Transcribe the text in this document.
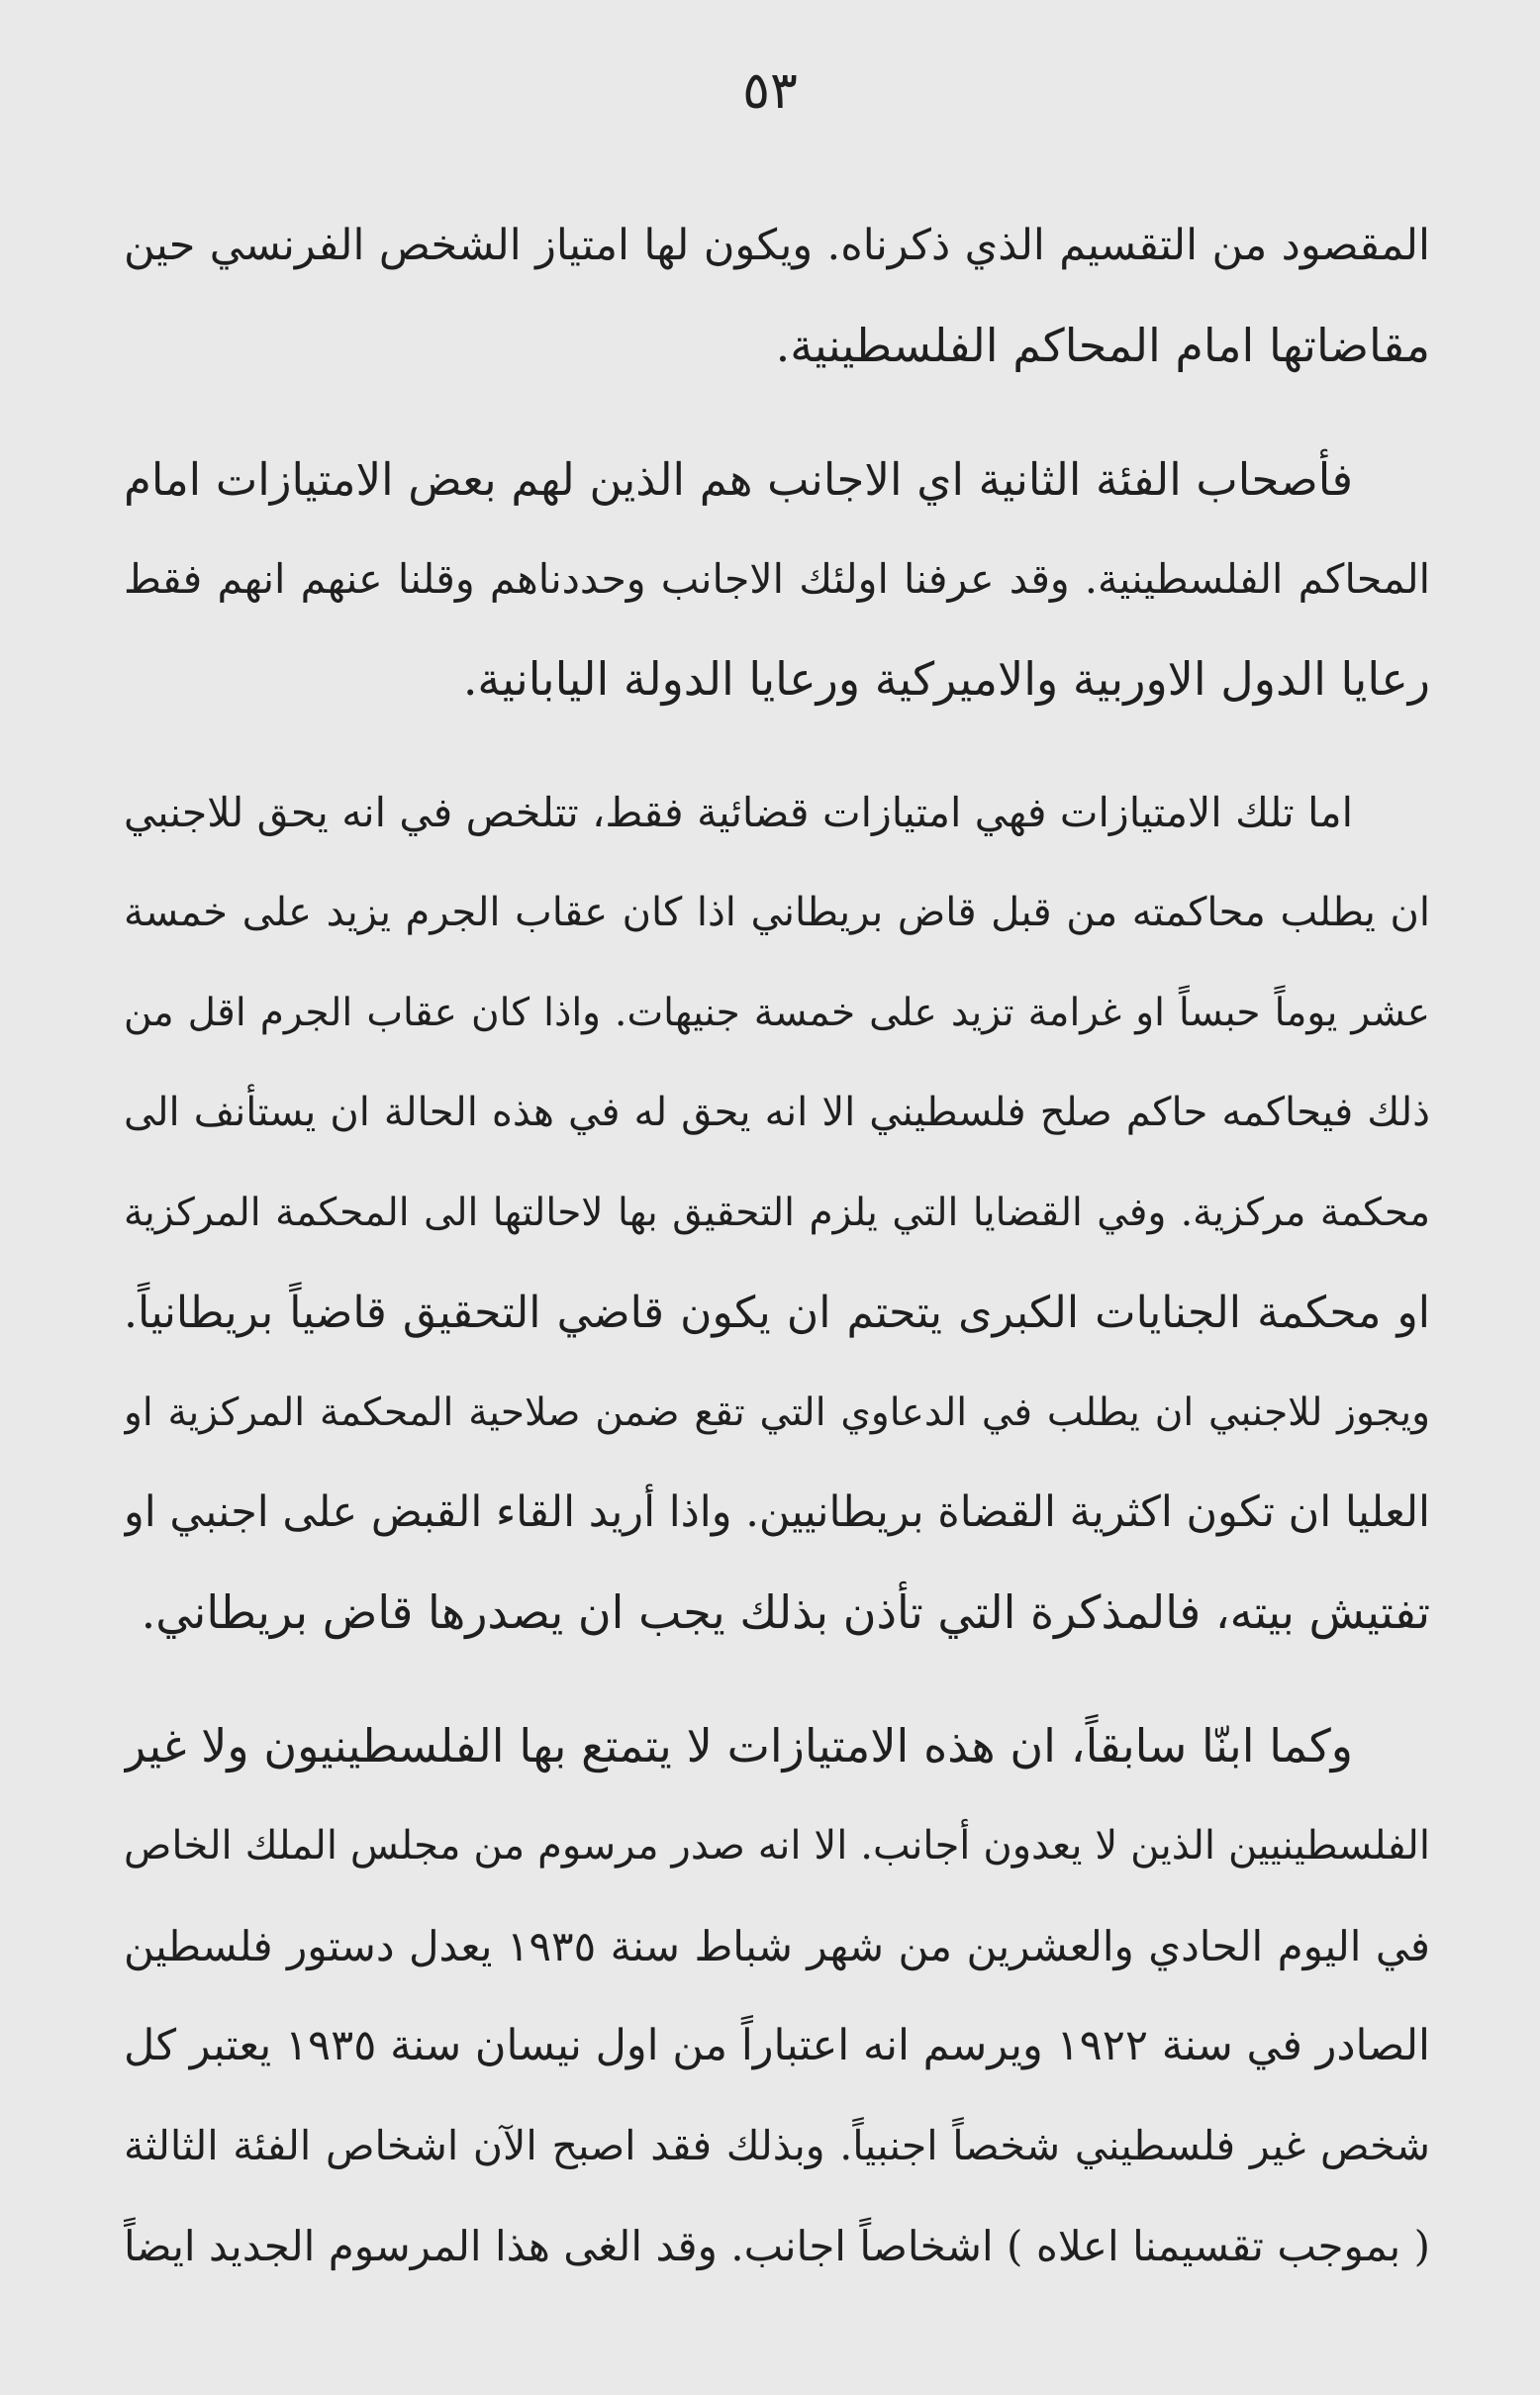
٥٣
المقصود من التقسيم الذي ذكرناه. ويكون لها امتياز الشخص الفرنسي حين
مقاضاتها امام المحاكم الفلسطينية.
فأصحاب الفئة الثانية اي الاجانب هم الذين لهم بعض الامتيازات امام
المحاكم الفلسطينية. وقد عرفنا اولئك الاجانب وحددناهم وقلنا عنهم انهم فقط
رعايا الدول الاوربية والاميركية ورعايا الدولة اليابانية.
اما تلك الامتيازات فهي امتيازات قضائية فقط، تتلخص في انه يحق للاجنبي
ان يطلب محاكمته من قبل قاض بريطاني اذا كان عقاب الجرم يزيد على خمسة
عشر يوماً حبساً او غرامة تزيد على خمسة جنيهات. واذا كان عقاب الجرم اقل من
ذلك فيحاكمه حاكم صلح فلسطيني الا انه يحق له في هذه الحالة ان يستأنف الى
محكمة مركزية. وفي القضايا التي يلزم التحقيق بها لاحالتها الى المحكمة المركزية
او محكمة الجنايات الكبرى يتحتم ان يكون قاضي التحقيق قاضياً بريطانياً.
ويجوز للاجنبي ان يطلب في الدعاوي التي تقع ضمن صلاحية المحكمة المركزية او
العليا ان تكون اكثرية القضاة بريطانيين. واذا أريد القاء القبض على اجنبي او
تفتيش بيته، فالمذكرة التي تأذن بذلك يجب ان يصدرها قاض بريطاني.
وكما ابنّا سابقاً، ان هذه الامتيازات لا يتمتع بها الفلسطينيون ولا غير
الفلسطينيين الذين لا يعدون أجانب. الا انه صدر مرسوم من مجلس الملك الخاص
في اليوم الحادي والعشرين من شهر شباط سنة ١٩٣٥ يعدل دستور فلسطين
الصادر في سنة ١٩٢٢ ويرسم انه اعتباراً من اول نيسان سنة ١٩٣٥ يعتبر كل
شخص غير فلسطيني شخصاً اجنبياً. وبذلك فقد اصبح الآن اشخاص الفئة الثالثة
( بموجب تقسيمنا اعلاه ) اشخاصاً اجانب. وقد الغى هذا المرسوم الجديد ايضاً
